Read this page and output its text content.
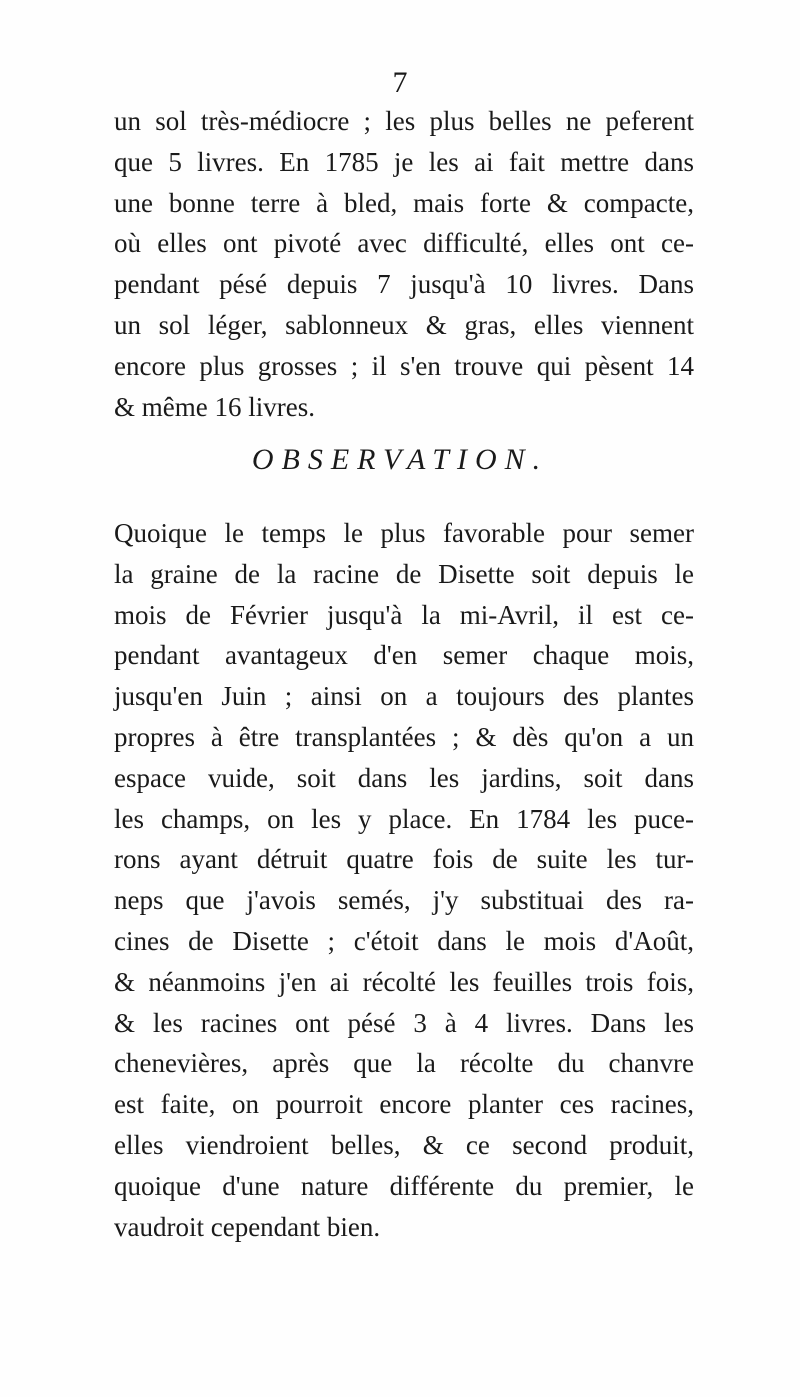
7
un sol très-médiocre ; les plus belles ne peferent
que 5 livres. En 1785 je les ai fait mettre dans
une bonne terre à bled, mais forte & compacte,
où elles ont pivoté avec difficulté, elles ont ce-
pendant pésé depuis 7 jusqu'à 10 livres. Dans
un sol léger, sablonneux & gras, elles viennent
encore plus grosses ; il s'en trouve qui pèsent 14
& même 16 livres.
OBSERVATION.
Quoique le temps le plus favorable pour semer
la graine de la racine de Disette soit depuis le
mois de Février jusqu'à la mi-Avril, il est ce-
pendant avantageux d'en semer chaque mois,
jusqu'en Juin ; ainsi on a toujours des plantes
propres à être transplantées ; & dès qu'on a un
espace vuide, soit dans les jardins, soit dans
les champs, on les y place. En 1784 les puce-
rons ayant détruit quatre fois de suite les tur-
neps que j'avois semés, j'y substituai des ra-
cines de Disette ; c'étoit dans le mois d'Août,
& néanmoins j'en ai récolté les feuilles trois fois,
& les racines ont pésé 3 à 4 livres. Dans les
chenevières, après que la récolte du chanvre
est faite, on pourroit encore planter ces racines,
elles viendroient belles, & ce second produit,
quoique d'une nature différente du premier, le
vaudroit cependant bien.
